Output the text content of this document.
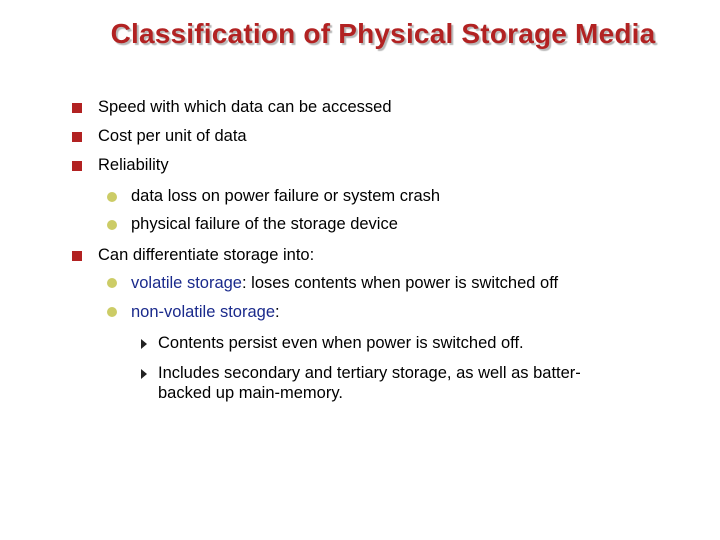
Classification of Physical Storage Media
Speed with which data can be accessed
Cost per unit of data
Reliability
data loss on power failure or system crash
physical failure of the storage device
Can differentiate storage into:
volatile storage: loses contents when power is switched off
non-volatile storage:
Contents persist even when power is switched off.
Includes secondary and tertiary storage, as well as batter-
backed up main-memory.
